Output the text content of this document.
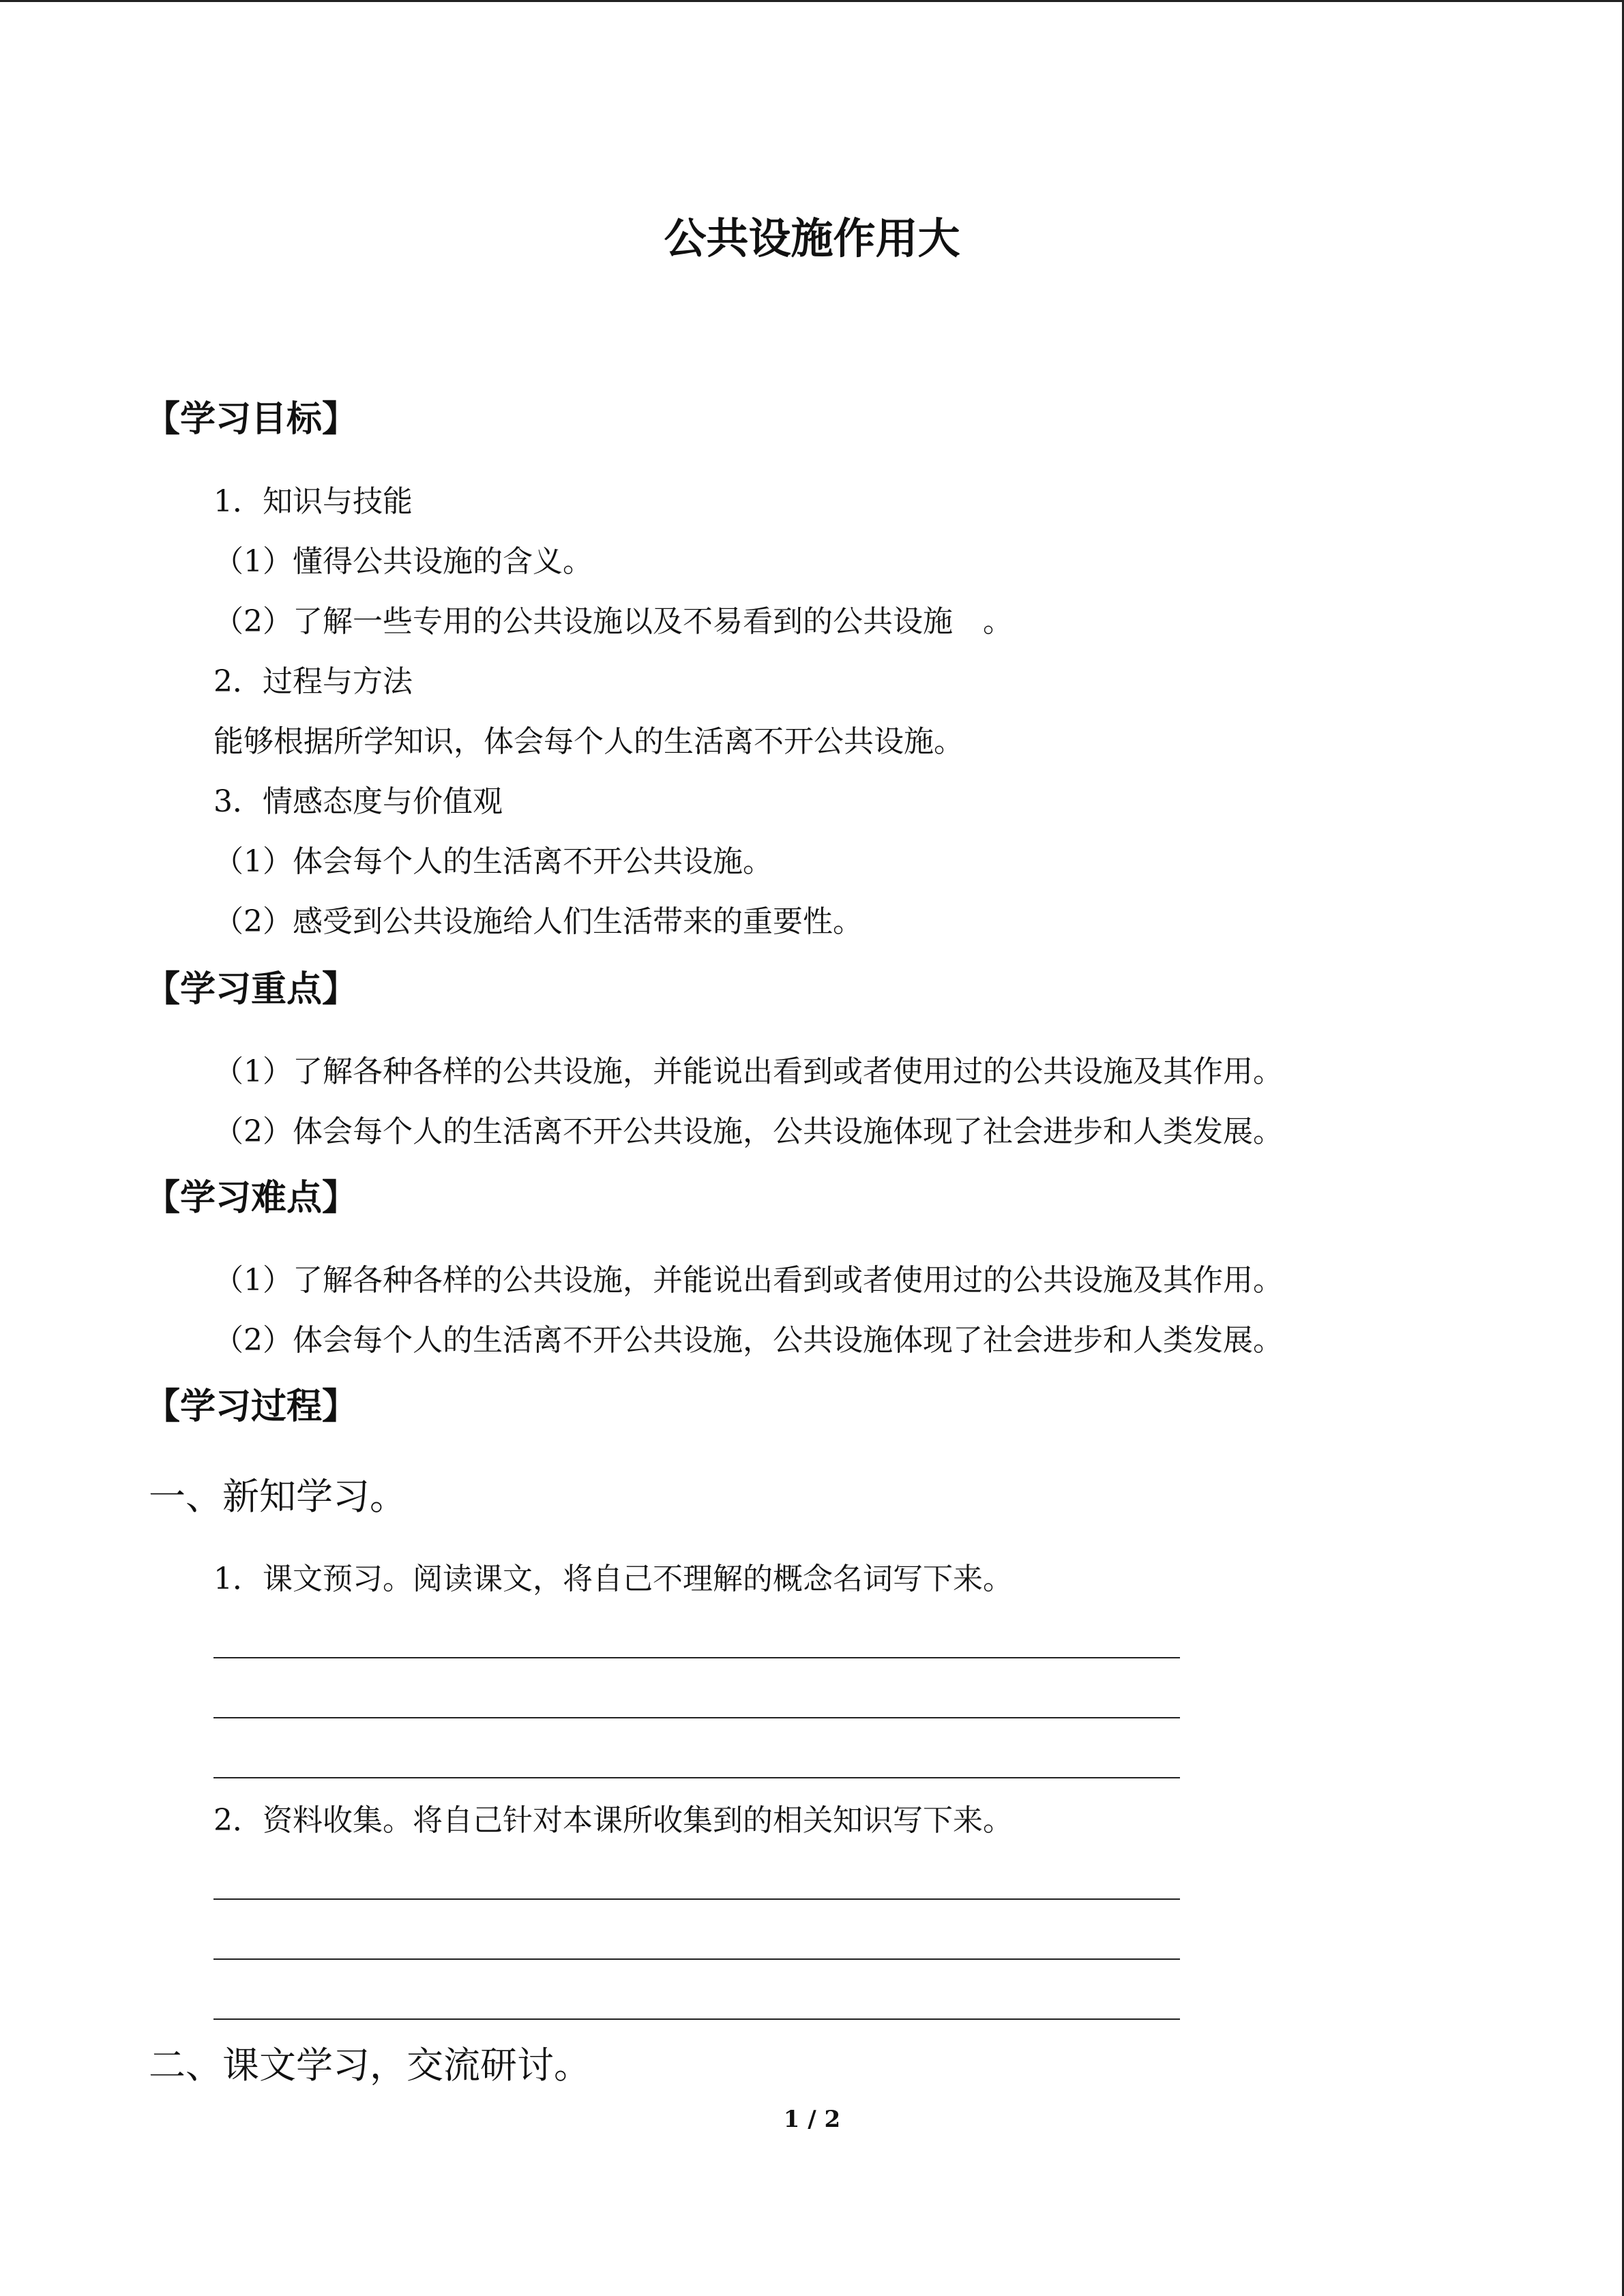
公共设施作用大
【学习目标】
1．知识与技能
（1）懂得公共设施的含义。
（2）了解一些专用的公共设施以及不易看到的公共设施　。
2．过程与方法
能够根据所学知识，体会每个人的生活离不开公共设施。
3．情感态度与价值观
（1）体会每个人的生活离不开公共设施。
（2）感受到公共设施给人们生活带来的重要性。
【学习重点】
（1）了解各种各样的公共设施，并能说出看到或者使用过的公共设施及其作用。
（2）体会每个人的生活离不开公共设施，公共设施体现了社会进步和人类发展。
【学习难点】
（1）了解各种各样的公共设施，并能说出看到或者使用过的公共设施及其作用。
（2）体会每个人的生活离不开公共设施，公共设施体现了社会进步和人类发展。
【学习过程】
一、新知学习。
1．课文预习。阅读课文，将自己不理解的概念名词写下来。
2．资料收集。将自己针对本课所收集到的相关知识写下来。
二、课文学习，交流研讨。
1 / 2
